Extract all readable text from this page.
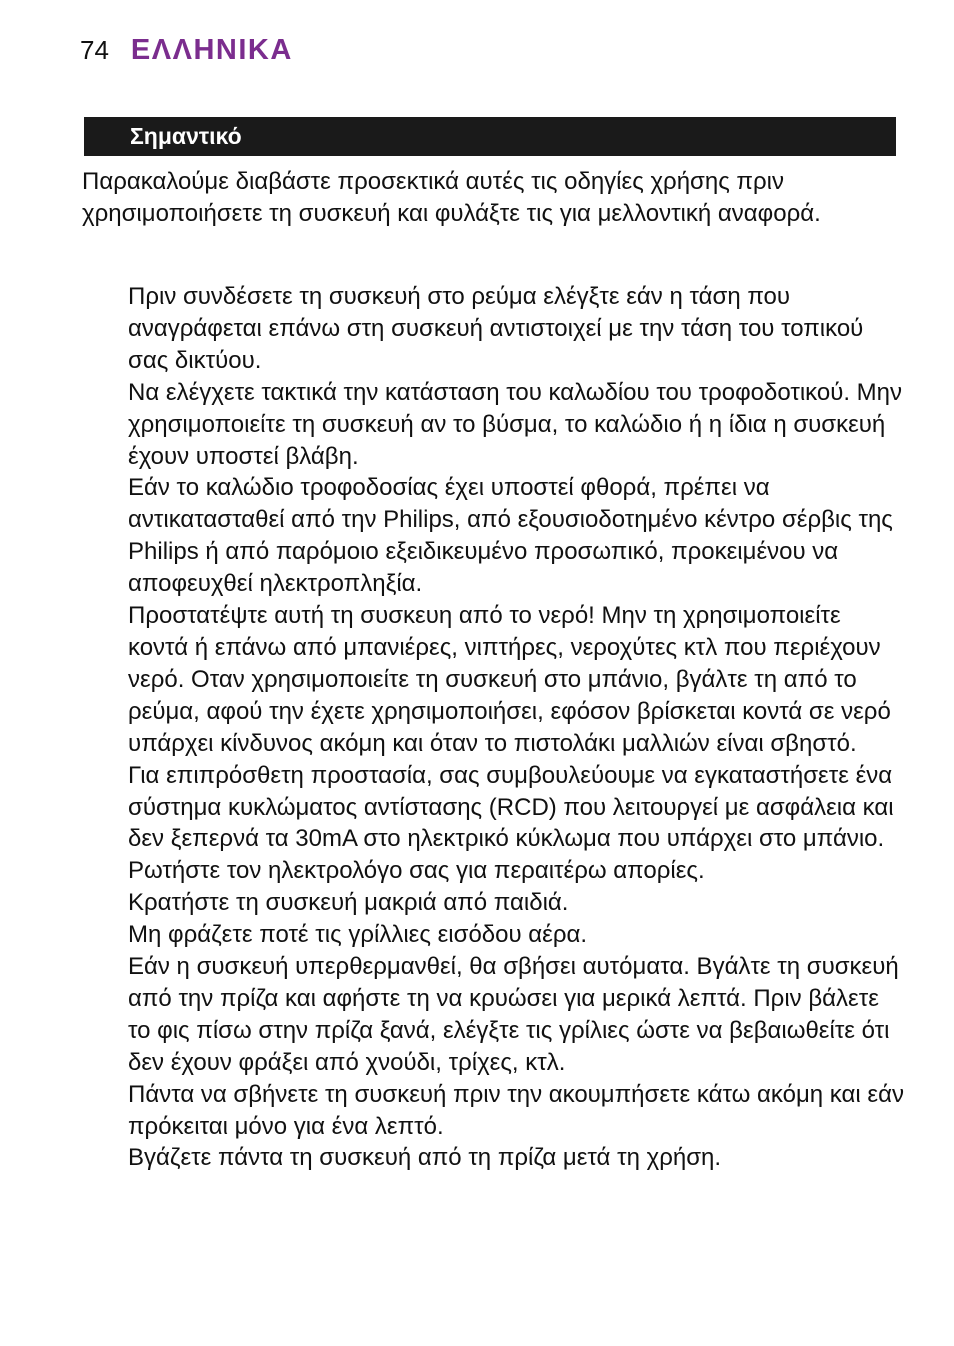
74 ΕΛΛΗΝΙΚΑ
Σημαντικό

Παρακαλούμε διαβάστε προσεκτικά αυτές τις οδηγίες χρήσης πριν χρησιμοποιήσετε τη συσκευή και φυλάξτε τις για μελλοντική αναφορά.

Πριν συνδέσετε τη συσκευή στο ρεύμα ελέγξτε εάν η τάση που αναγράφεται επάνω στη συσκευή αντιστοιχεί με την τάση του τοπικού σας δικτύου.
Να ελέγχετε τακτικά την κατάσταση του καλωδίου του τροφοδοτικού. Μην χρησιμοποιείτε τη συσκευή αν το βύσμα, το καλώδιο ή η ίδια η συσκευή έχουν υποστεί βλάβη.
Εάν το καλώδιο τροφοδοσίας έχει υποστεί φθορά, πρέπει να αντικατασταθεί από την Philips, από εξουσιοδοτημένο κέντρο σέρβις της Philips ή από παρόμοιο εξειδικευμένο προσωπικό, προκειμένου να αποφευχθεί ηλεκτροπληξία.
Προστατέψτε αυτή τη συσκευη από το νερό! Μην τη χρησιμοποιείτε κοντά ή επάνω από μπανιέρες, νιπτήρες, νεροχύτες κτλ που περιέχουν νερό. Οταν χρησιμοποιείτε τη συσκευή στο μπάνιο, βγάλτε τη από το ρεύμα, αφού την έχετε χρησιμοποιήσει, εφόσον βρίσκεται κοντά σε νερό υπάρχει κίνδυνος ακόμη και όταν το πιστολάκι μαλλιών είναι σβηστό.
Για επιπρόσθετη προστασία, σας συμβουλεύουμε να εγκαταστήσετε ένα σύστημα κυκλώματος αντίστασης (RCD) που λειτουργεί με ασφάλεια και δεν ξεπερνά τα 30mA στο ηλεκτρικό κύκλωμα που υπάρχει στο μπάνιο. Ρωτήστε τον ηλεκτρολόγο σας για περαιτέρω απορίες.
Κρατήστε τη συσκευή μακριά από παιδιά.
Μη φράζετε ποτέ τις γρίλλιες εισόδου αέρα.
Εάν η συσκευή υπερθερμανθεί, θα σβήσει αυτόματα. Βγάλτε τη συσκευή από την πρίζα και αφήστε τη να κρυώσει για μερικά λεπτά. Πριν βάλετε το φις πίσω στην πρίζα ξανά, ελέγξτε τις γρίλιες ώστε να βεβαιωθείτε ότι δεν έχουν φράξει από χνούδι, τρίχες, κτλ.
Πάντα να σβήνετε τη συσκευή πριν την ακουμπήσετε κάτω ακόμη και εάν πρόκειται μόνο για ένα λεπτό.
Βγάζετε πάντα τη συσκευή από τη πρίζα μετά τη χρήση.
